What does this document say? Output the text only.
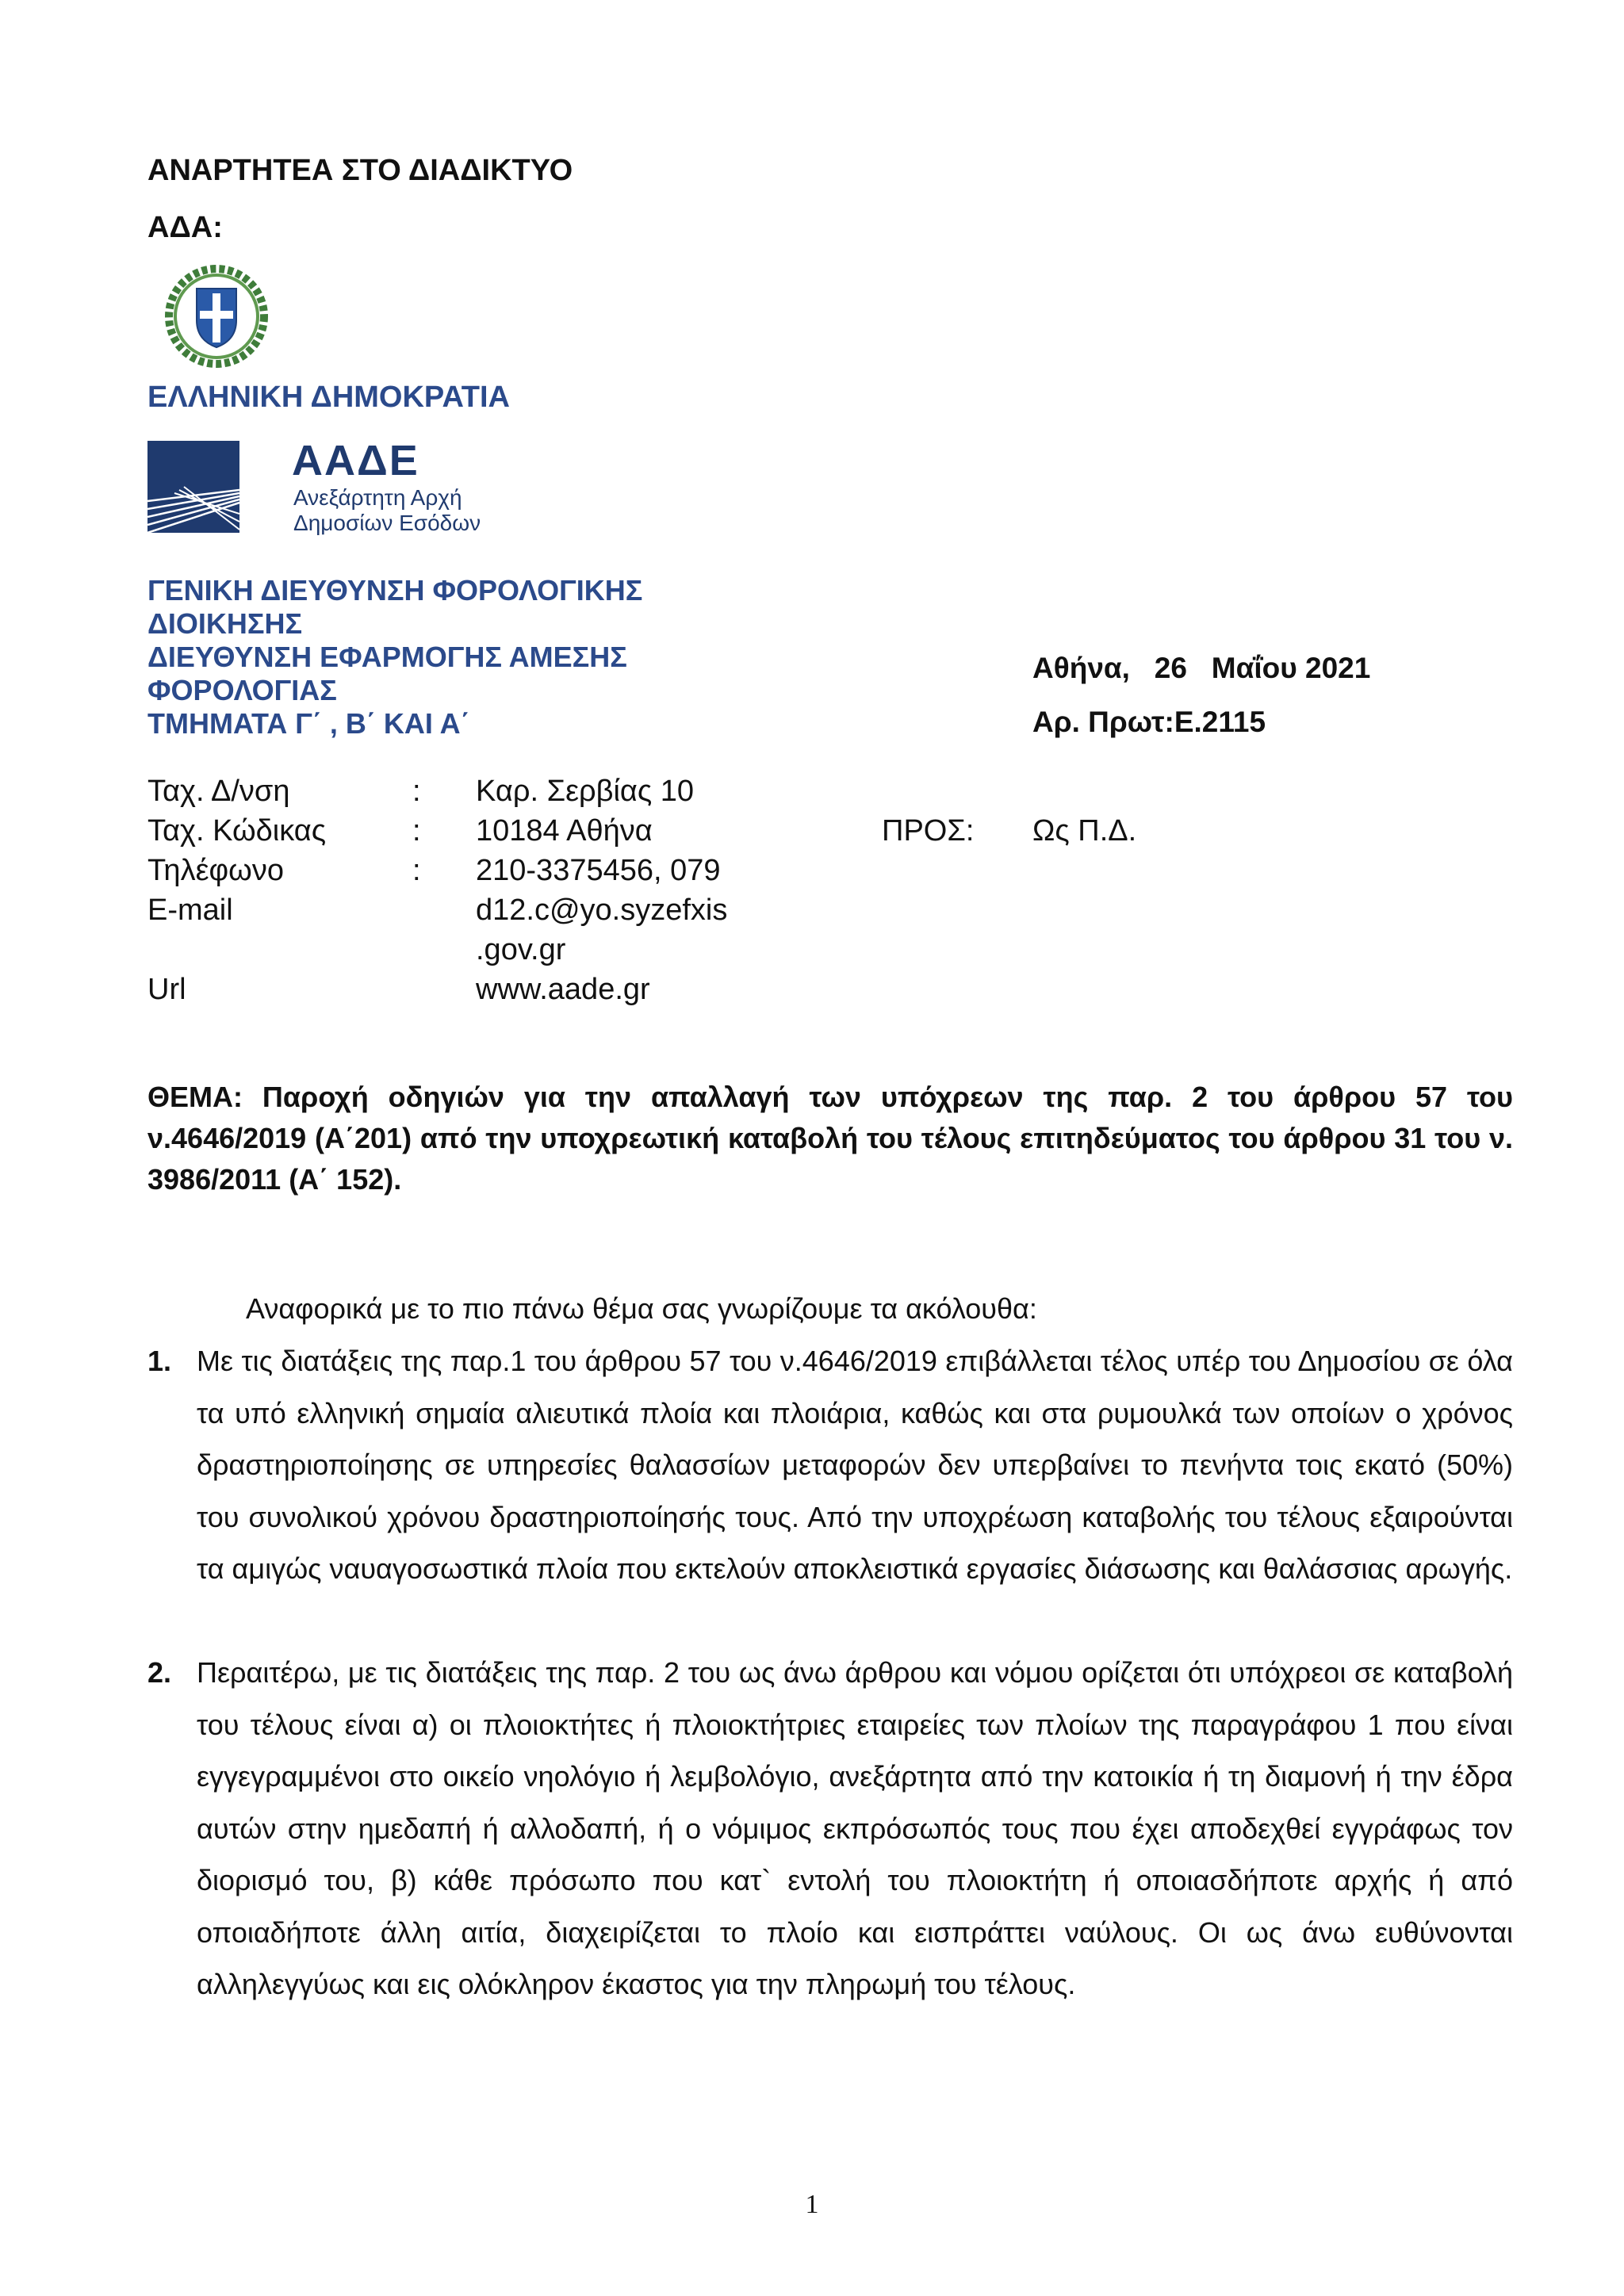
ΑΝΑΡΤΗΤΕΑ ΣΤΟ ΔΙΑΔΙΚΤΥΟ
ΑΔΑ:
ΕΛΛΗΝΙΚΗ ΔΗΜΟΚΡΑΤΙΑ
ΑΑΔΕ
Ανεξάρτητη Αρχή
Δημοσίων Εσόδων
ΓΕΝΙΚΗ ΔΙΕΥΘΥΝΣΗ ΦΟΡΟΛΟΓΙΚΗΣ
ΔΙΟΙΚΗΣΗΣ
ΔΙΕΥΘΥΝΣΗ ΕΦΑΡΜΟΓΗΣ ΑΜΕΣΗΣ
ΦΟΡΟΛΟΓΙΑΣ
ΤΜΗΜΑΤΑ Γ΄ , Β΄ ΚΑΙ Α΄
Αθήνα,   26   Μαΐου 2021
Αρ. Πρωτ:Ε.2115
Ταχ. Δ/νση	: Καρ. Σερβίας 10
Ταχ. Κώδικας	: 10184 Αθήνα
Τηλέφωνο	: 210-3375456, 079
E-mail	d12.c@yo.syzefxis
.gov.gr
Url	www.aade.gr
ΠΡΟΣ: Ως Π.Δ.
ΘΕΜΑ: Παροχή οδηγιών για την απαλλαγή των υπόχρεων της παρ. 2 του άρθρου 57 του ν.4646/2019 (Α΄201) από την υποχρεωτική καταβολή του τέλους επιτηδεύματος του άρθρου 31 του ν. 3986/2011 (Α΄ 152).
Αναφορικά με το πιο πάνω θέμα σας γνωρίζουμε τα ακόλουθα:
1. Με τις διατάξεις της παρ.1 του άρθρου 57 του ν.4646/2019 επιβάλλεται τέλος υπέρ του Δημοσίου σε όλα τα υπό ελληνική σημαία αλιευτικά πλοία και πλοιάρια, καθώς και στα ρυμουλκά των οποίων ο χρόνος δραστηριοποίησης σε υπηρεσίες θαλασσίων μεταφορών δεν υπερβαίνει το πενήντα τοις εκατό (50%) του συνολικού χρόνου δραστηριοποίησής τους. Από την υποχρέωση καταβολής του τέλους εξαιρούνται τα αμιγώς ναυαγοσωστικά πλοία που εκτελούν αποκλειστικά εργασίες διάσωσης και θαλάσσιας αρωγής.
2. Περαιτέρω, με τις διατάξεις της παρ. 2 του ως άνω άρθρου και νόμου ορίζεται ότι υπόχρεοι σε καταβολή του τέλους είναι α) οι πλοιοκτήτες ή πλοιοκτήτριες εταιρείες των πλοίων της παραγράφου 1 που είναι εγγεγραμμένοι στο οικείο νηολόγιο ή λεμβολόγιο, ανεξάρτητα από την κατοικία ή τη διαμονή ή την έδρα αυτών στην ημεδαπή ή αλλοδαπή, ή ο νόμιμος εκπρόσωπός τους που έχει αποδεχθεί εγγράφως τον διορισμό του, β) κάθε πρόσωπο που κατ` εντολή του πλοιοκτήτη ή οποιασδήποτε αρχής ή από οποιαδήποτε άλλη αιτία, διαχειρίζεται το πλοίο και εισπράττει ναύλους. Οι ως άνω ευθύνονται αλληλεγγύως και εις ολόκληρον έκαστος για την πληρωμή του τέλους.
1
